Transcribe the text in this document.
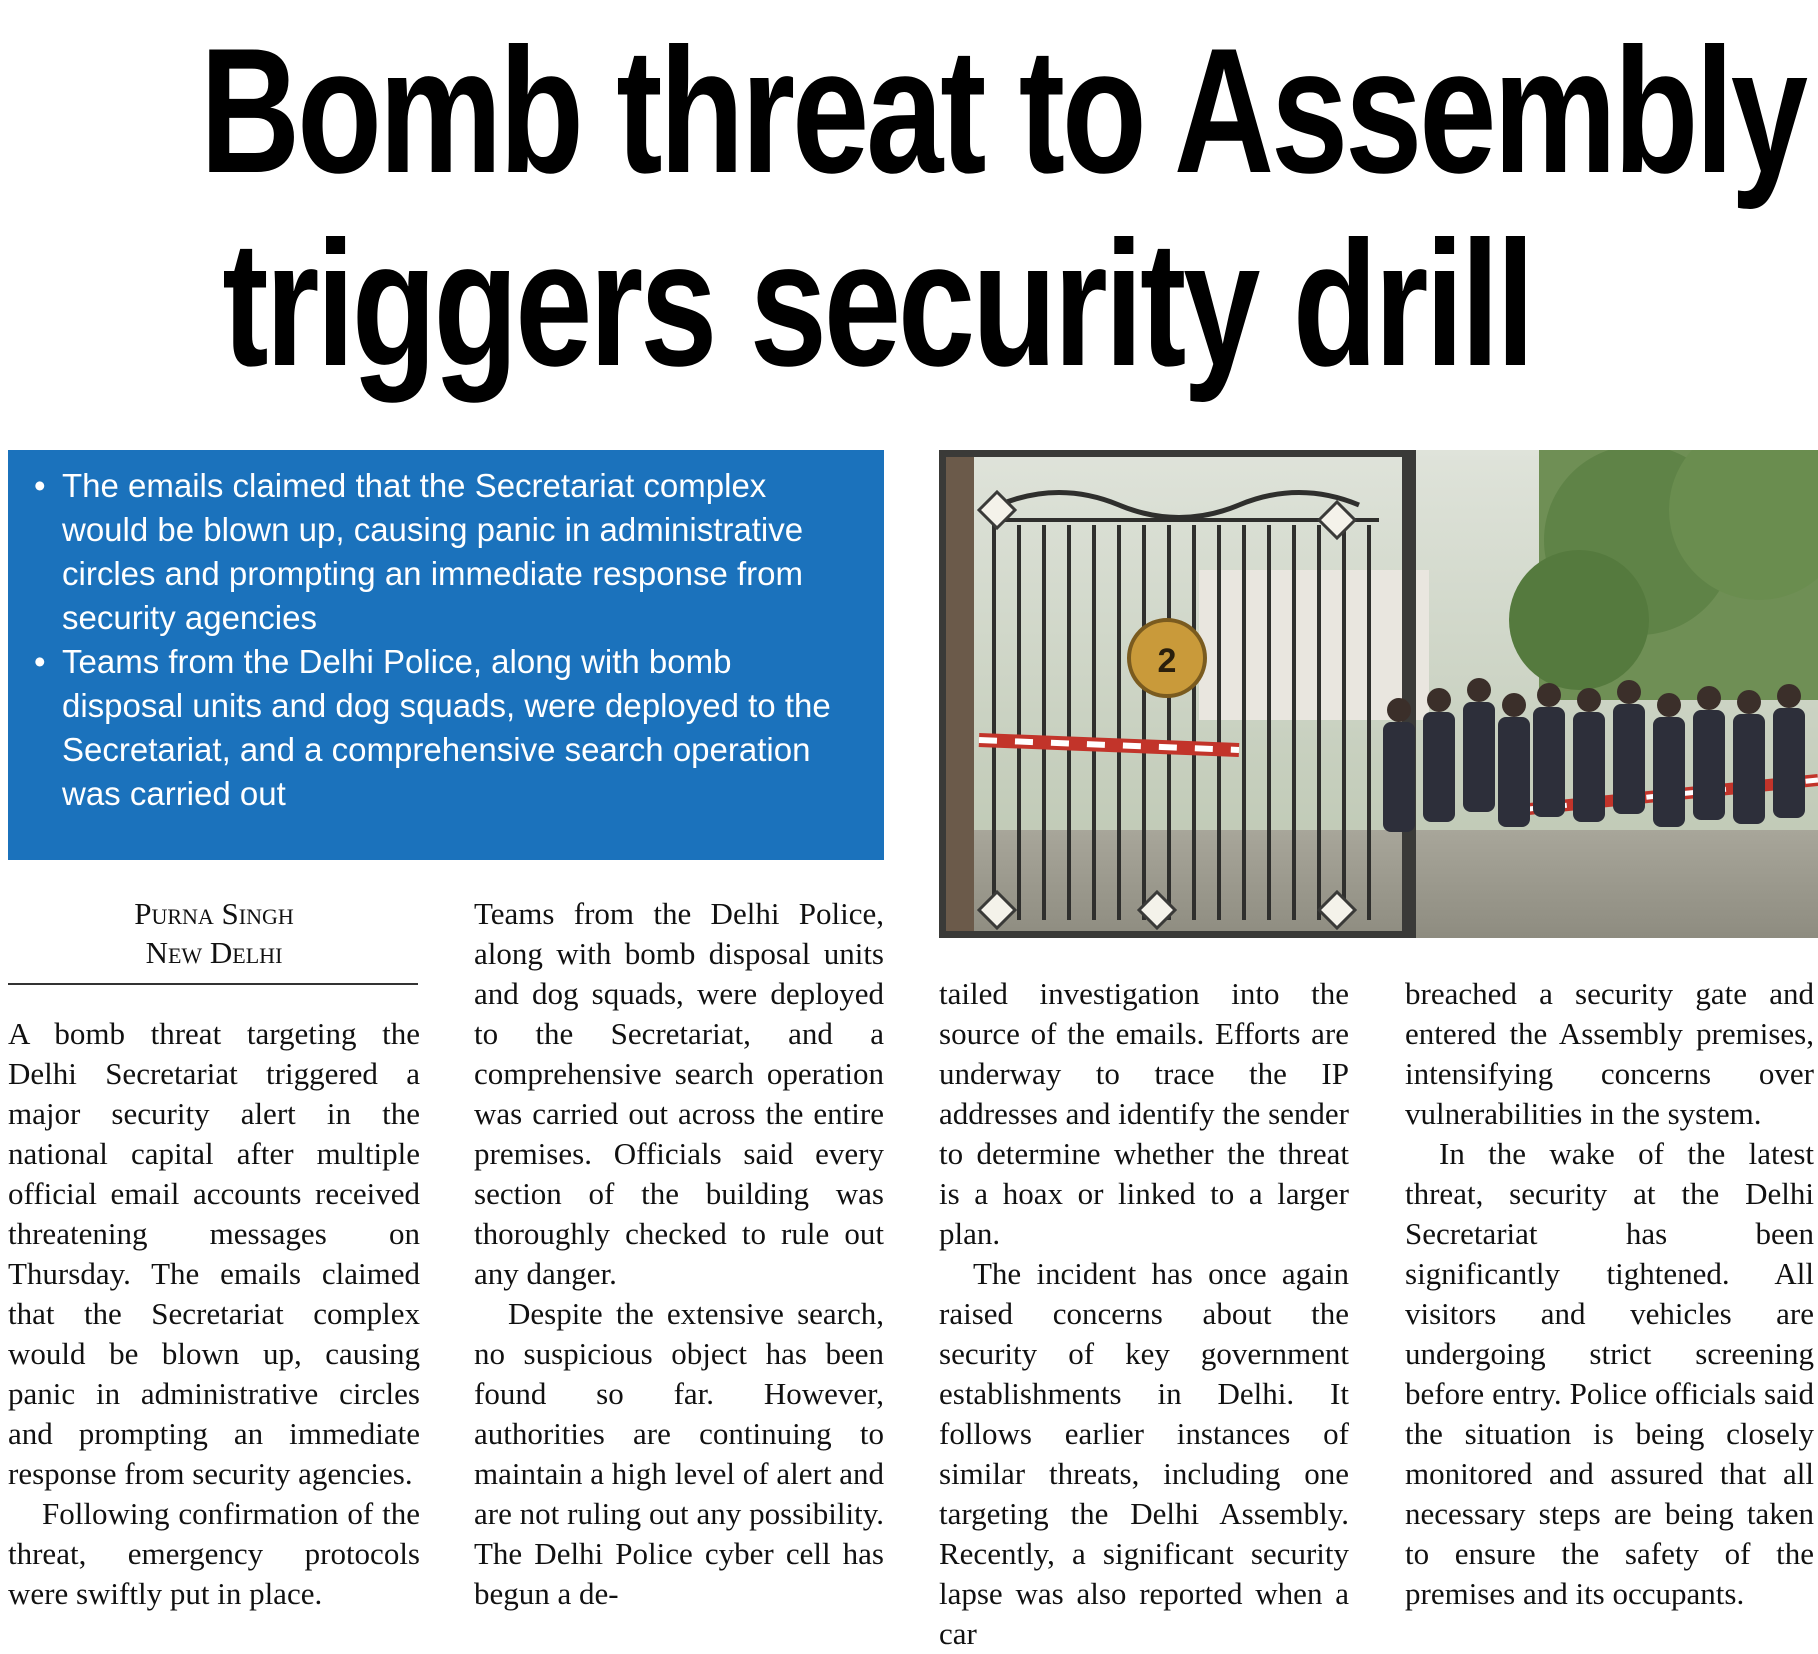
Bomb threat to Assembly
triggers security drill
• The emails claimed that the Secretariat complex would be blown up, causing panic in administrative circles and prompting an immediate response from security agencies
• Teams from the Delhi Police, along with bomb disposal units and dog squads, were deployed to the Secretariat, and a comprehensive search operation was carried out
2
Purna Singh
New Delhi

A bomb threat targeting the Delhi Secretariat triggered a major security alert in the national capital after multiple official email accounts received threatening messages on Thursday. The emails claimed that the Secretariat complex would be blown up, causing panic in administrative circles and prompting an immediate response from security agencies.

Following confirmation of the threat, emergency protocols were swiftly put in place.

Teams from the Delhi Police, along with bomb disposal units and dog squads, were deployed to the Secretariat, and a comprehensive search operation was carried out across the entire premises. Officials said every section of the building was thoroughly checked to rule out any danger.

Despite the extensive search, no suspicious object has been found so far. However, authorities are continuing to maintain a high level of alert and are not ruling out any possibility. The Delhi Police cyber cell has begun a de-

tailed investigation into the source of the emails. Efforts are underway to trace the IP addresses and identify the sender to determine whether the threat is a hoax or linked to a larger plan.

The incident has once again raised concerns about the security of key government establishments in Delhi. It follows earlier instances of similar threats, including one targeting the Delhi Assembly. Recently, a significant security lapse was also reported when a car

breached a security gate and entered the Assembly premises, intensifying concerns over vulnerabilities in the system.

In the wake of the latest threat, security at the Delhi Secretariat has been significantly tightened. All visitors and vehicles are undergoing strict screening before entry. Police officials said the situation is being closely monitored and assured that all necessary steps are being taken to ensure the safety of the premises and its occupants.
